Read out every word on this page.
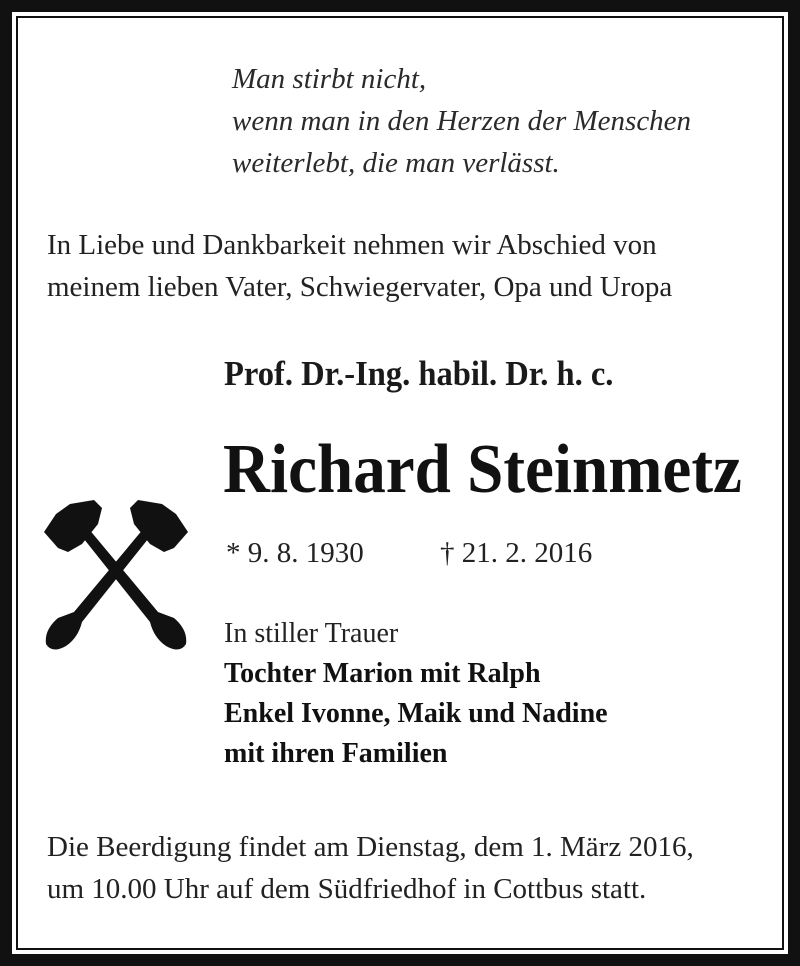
Man stirbt nicht,
wenn man in den Herzen der Menschen
weiterlebt, die man verlässt.
In Liebe und Dankbarkeit nehmen wir Abschied von
meinem lieben Vater, Schwiegervater, Opa und Uropa
Prof. Dr.-Ing. habil. Dr. h. c.
Richard Steinmetz
* 9. 8. 1930	† 21. 2. 2016
In stiller Trauer
Tochter Marion mit Ralph
Enkel Ivonne, Maik und Nadine
mit ihren Familien
Die Beerdigung findet am Dienstag, dem 1. März 2016,
um 10.00 Uhr auf dem Südfriedhof in Cottbus statt.
